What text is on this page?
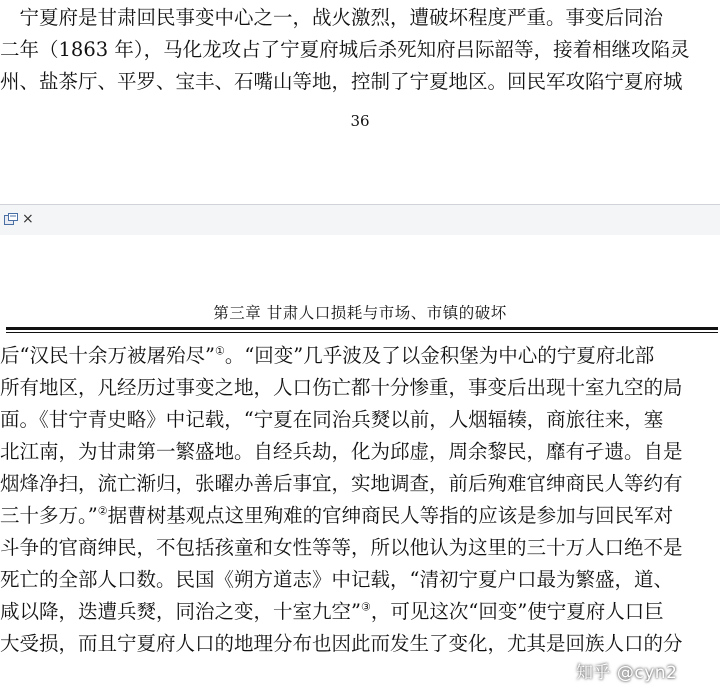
　宁夏府是甘肃回民事变中心之一，战火激烈，遭破坏程度严重。事变后同治

二年（1863 年），马化龙攻占了宁夏府城后杀死知府吕际韶等，接着相继攻陷灵

州、盐茶厅、平罗、宝丰、石嘴山等地，控制了宁夏地区。回民军攻陷宁夏府城

36
×
第三章 甘肃人口损耗与市场、市镇的破坏

后“汉民十余万被屠殆尽”①。“回变”几乎波及了以金积堡为中心的宁夏府北部

所有地区，凡经历过事变之地，人口伤亡都十分惨重，事变后出现十室九空的局

面。《甘宁青史略》中记载，“宁夏在同治兵燹以前，人烟辐辏，商旅往来，塞

北江南，为甘肃第一繁盛地。自经兵劫，化为邱虚，周余黎民，靡有孑遗。自是

烟烽净扫，流亡渐归，张曜办善后事宜，实地调查，前后殉难官绅商民人等约有

三十多万。”②据曹树基观点这里殉难的官绅商民人等指的应该是参加与回民军对

斗争的官商绅民，不包括孩童和女性等等，所以他认为这里的三十万人口绝不是

死亡的全部人口数。民国《朔方道志》中记载，“清初宁夏户口最为繁盛，道、

咸以降，迭遭兵燹，同治之变，十室九空”③，可见这次“回变”使宁夏府人口巨

大受损，而且宁夏府人口的地理分布也因此而发生了变化，尤其是回族人口的分

知乎 @cyn2
